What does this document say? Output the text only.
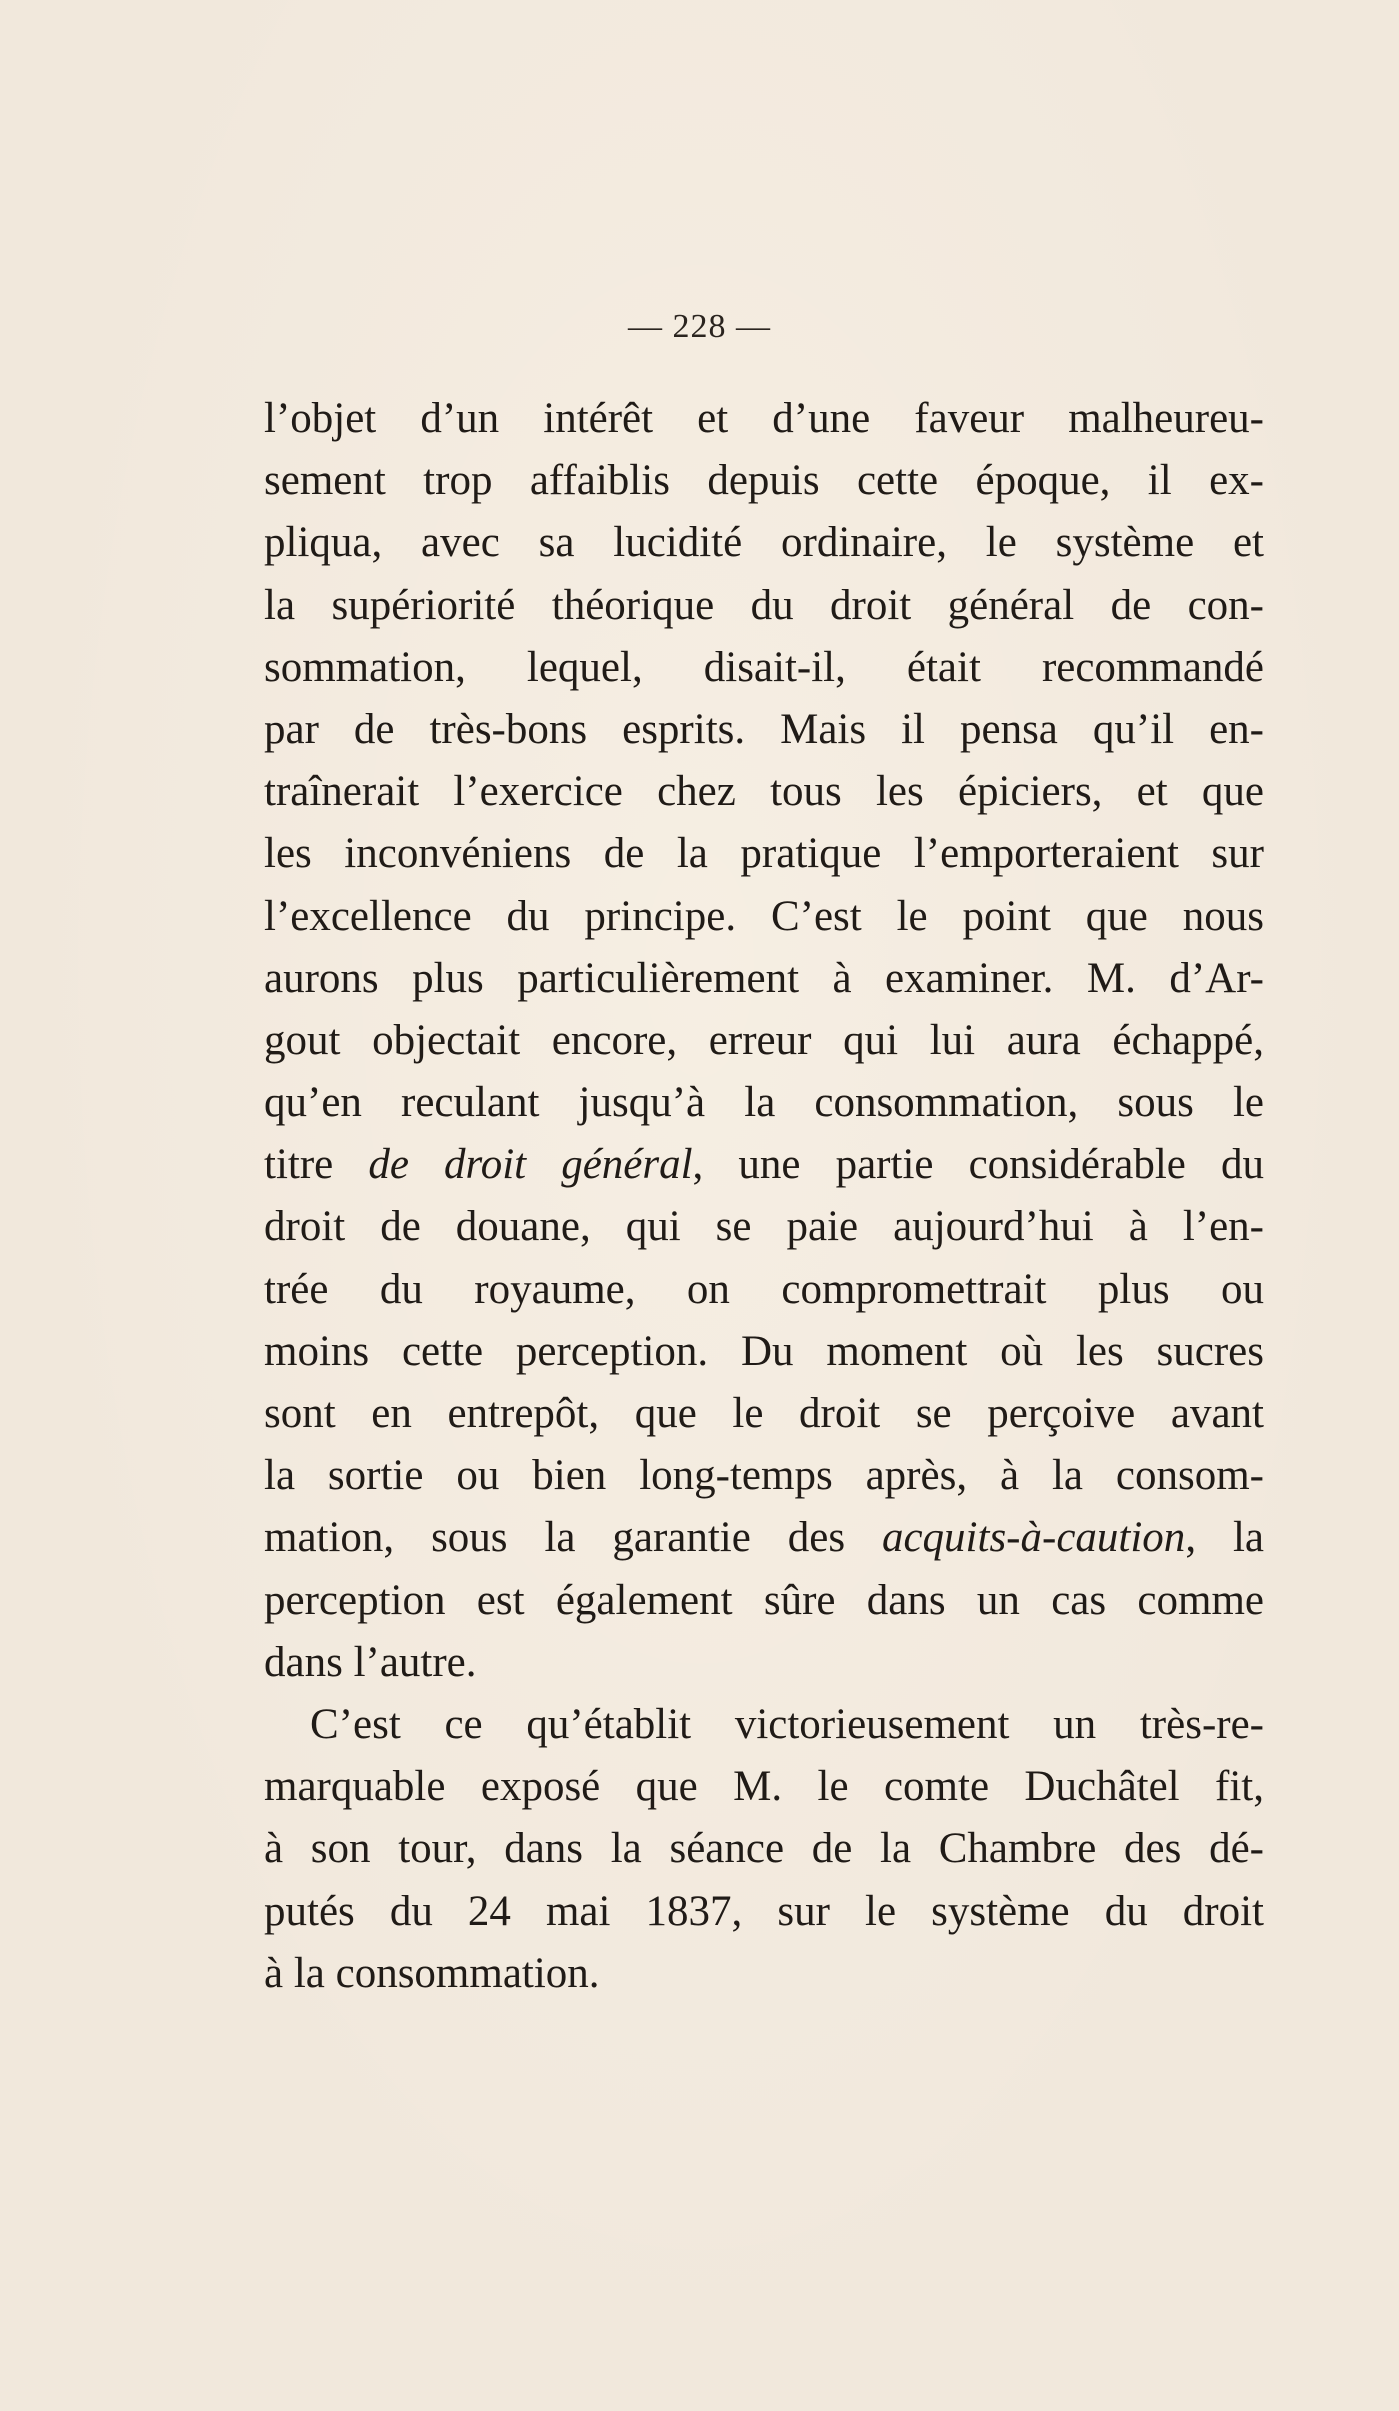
— 228 —
l’objet d’un intérêt et d’une faveur malheureu-
sement trop affaiblis depuis cette époque, il ex-
pliqua, avec sa lucidité ordinaire, le système et
la supériorité théorique du droit général de con-
sommation, lequel, disait-il, était recommandé
par de très-bons esprits. Mais il pensa qu’il en-
traînerait l’exercice chez tous les épiciers, et que
les inconvéniens de la pratique l’emporteraient sur
l’excellence du principe. C’est le point que nous
aurons plus particulièrement à examiner. M. d’Ar-
gout objectait encore, erreur qui lui aura échappé,
qu’en reculant jusqu’à la consommation, sous le
titre de droit général, une partie considérable du
droit de douane, qui se paie aujourd’hui à l’en-
trée du royaume, on compromettrait plus ou
moins cette perception. Du moment où les sucres
sont en entrepôt, que le droit se perçoive avant
la sortie ou bien long-temps après, à la consom-
mation, sous la garantie des acquits-à-caution, la
perception est également sûre dans un cas comme
dans l’autre.
C’est ce qu’établit victorieusement un très-re-
marquable exposé que M. le comte Duchâtel fit,
à son tour, dans la séance de la Chambre des dé-
putés du 24 mai 1837, sur le système du droit
à la consommation.
